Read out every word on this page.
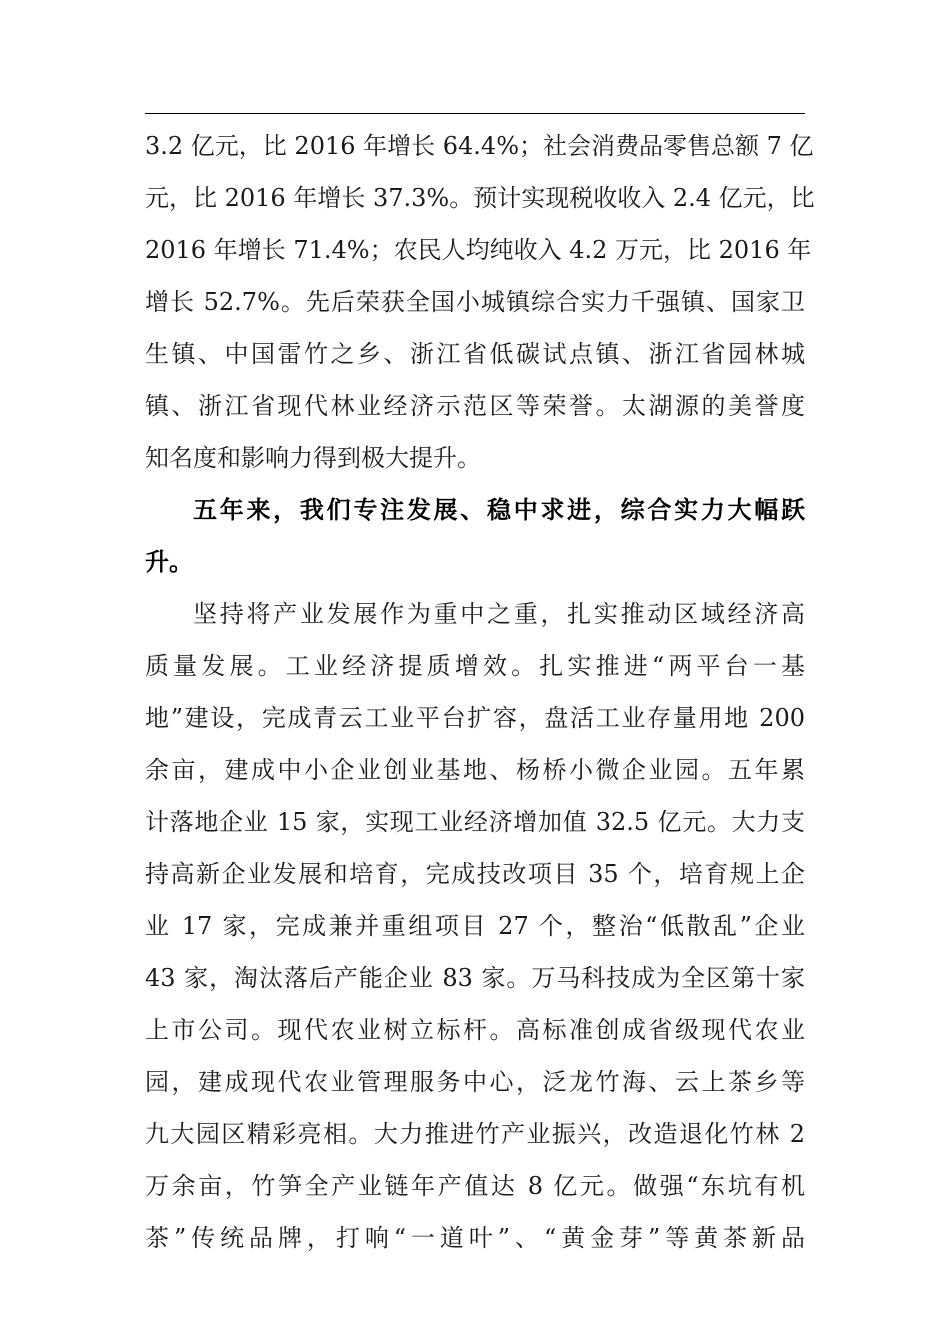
3.2 亿元，比 2016 年增长 64.4%；社会消费品零售总额 7 亿
元，比 2016 年增长 37.3%。预计实现税收收入 2.4 亿元，比
2016 年增长 71.4%；农民人均纯收入 4.2 万元，比 2016 年
增长 52.7%。先后荣获全国小城镇综合实力千强镇、国家卫
生镇、中国雷竹之乡、浙江省低碳试点镇、浙江省园林城
镇、浙江省现代林业经济示范区等荣誉。太湖源的美誉度
知名度和影响力得到极大提升。
五年来，我们专注发展、稳中求进，综合实力大幅跃
升。
坚持将产业发展作为重中之重，扎实推动区域经济高
质量发展。工业经济提质增效。扎实推进“两平台一基
地”建设，完成青云工业平台扩容，盘活工业存量用地 200
余亩，建成中小企业创业基地、杨桥小微企业园。五年累
计落地企业 15 家，实现工业经济增加值 32.5 亿元。大力支
持高新企业发展和培育，完成技改项目 35 个，培育规上企
业 17 家，完成兼并重组项目 27 个，整治“低散乱”企业
43 家，淘汰落后产能企业 83 家。万马科技成为全区第十家
上市公司。现代农业树立标杆。高标准创成省级现代农业
园，建成现代农业管理服务中心，泛龙竹海、云上茶乡等
九大园区精彩亮相。大力推进竹产业振兴，改造退化竹林 2
万余亩，竹笋全产业链年产值达 8 亿元。做强“东坑有机
茶”传统品牌，打响“一道叶”、“黄金芽”等黄茶新品
